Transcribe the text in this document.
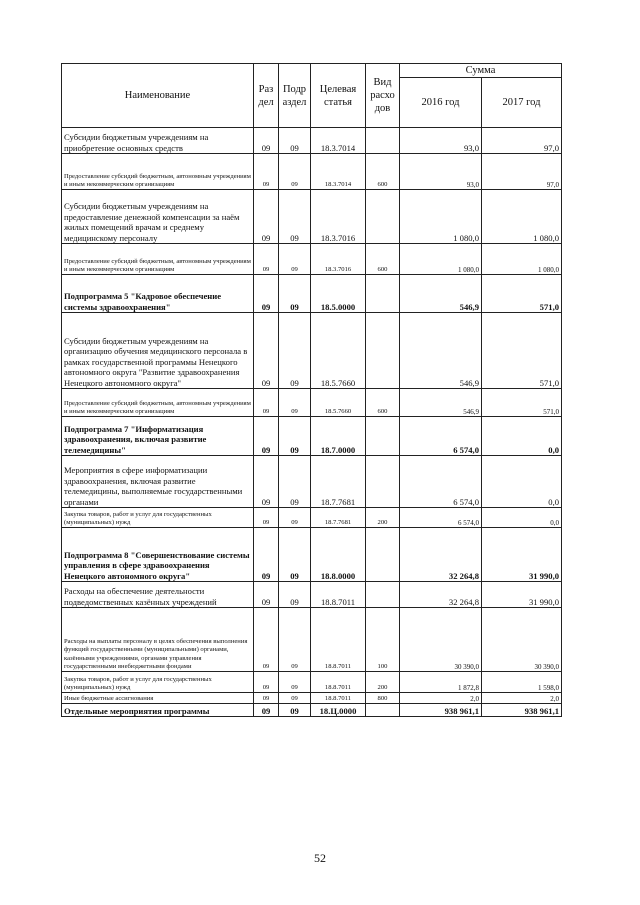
Наименование	Раз дел	Подр аздел	Целевая статья	Вид расхо дов	Сумма	
					2016 год	2017 год
Субсидии бюджетным учреждениям на приобретение основных средств	09	09	18.3.7014		93,0	97,0
Предоставление субсидий бюджетным, автономным учреждениям и иным некоммерческим организациям	09	09	18.3.7014	600	93,0	97,0
Субсидии бюджетным учреждениям на предоставление денежной компенсации за наём жилых помещений врачам и среднему медицинскому персоналу	09	09	18.3.7016		1 080,0	1 080,0
Предоставление субсидий бюджетным, автономным учреждениям и иным некоммерческим организациям	09	09	18.3.7016	600	1 080,0	1 080,0
Подпрограмма 5 "Кадровое обеспечение системы здравоохранения"	09	09	18.5.0000		546,9	571,0
Субсидии бюджетным учреждениям на организацию обучения медицинского персонала в рамках государственной программы Ненецкого автономного округа "Развитие здравоохранения Ненецкого автономного округа"	09	09	18.5.7660		546,9	571,0
Предоставление субсидий бюджетным, автономным учреждениям и иным некоммерческим организациям	09	09	18.5.7660	600	546,9	571,0
Подпрограмма 7 "Информатизация здравоохранения, включая развитие телемедицины"	09	09	18.7.0000		6 574,0	0,0
Мероприятия в сфере информатизации здравоохранения, включая развитие телемедицины, выполняемые государственными органами	09	09	18.7.7681		6 574,0	0,0
Закупка товаров, работ и услуг для государственных (муниципальных) нужд	09	09	18.7.7681	200	6 574,0	0,0
Подпрограмма 8 "Совершенствование системы управления в сфере здравоохранения Ненецкого автономного округа"	09	09	18.8.0000		32 264,8	31 990,0
Расходы на обеспечение деятельности подведомственных казённых учреждений	09	09	18.8.7011		32 264,8	31 990,0
Расходы на выплаты персоналу в целях обеспечения выполнения функций государственными (муниципальными) органами, казёнными учреждениями, органами управления государственными внебюджетными фондами	09	09	18.8.7011	100	30 390,0	30 390,0
Закупка товаров, работ и услуг для государственных (муниципальных) нужд	09	09	18.8.7011	200	1 872,8	1 598,0
Иные бюджетные ассигнования	09	09	18.8.7011	800	2,0	2,0
Отдельные мероприятия программы	09	09	18.Ц.0000		938 961,1	938 961,1
52
